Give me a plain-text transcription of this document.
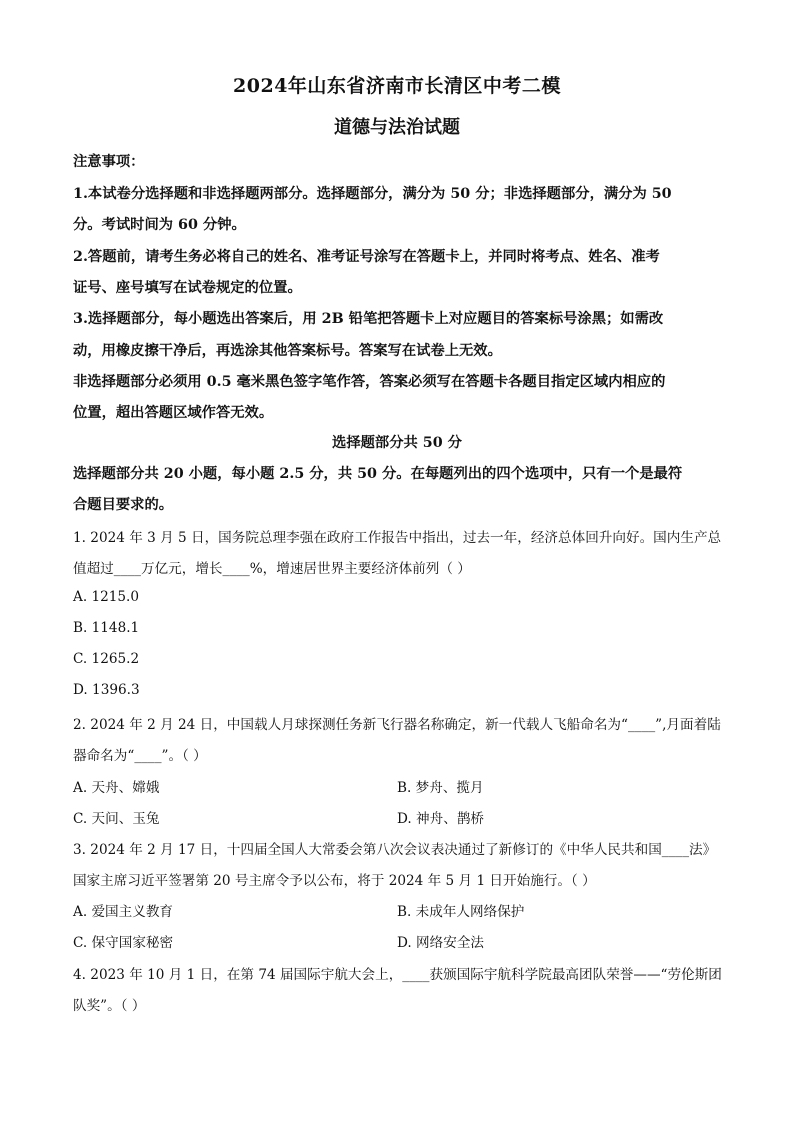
2024年山东省济南市长清区中考二模
道德与法治试题
注意事项：
1.本试卷分选择题和非选择题两部分。选择题部分，满分为 50 分；非选择题部分，满分为 50
分。考试时间为 60 分钟。
2.答题前，请考生务必将自己的姓名、准考证号涂写在答题卡上，并同时将考点、姓名、准考
证号、座号填写在试卷规定的位置。
3.选择题部分，每小题选出答案后，用 2B 铅笔把答题卡上对应题目的答案标号涂黑；如需改
动，用橡皮擦干净后，再选涂其他答案标号。答案写在试卷上无效。
非选择题部分必须用 0.5 毫米黑色签字笔作答，答案必须写在答题卡各题目指定区域内相应的
位置，超出答题区域作答无效。
选择题部分共 50 分
选择题部分共 20 小题，每小题 2.5 分，共 50 分。在每题列出的四个选项中，只有一个是最符
合题目要求的。
1. 2024 年 3 月 5 日，国务院总理李强在政府工作报告中指出，过去一年，经济总体回升向好。国内生产总
值超过____万亿元，增长____%，增速居世界主要经济体前列（ ）
A. 1215.0
B. 1148.1
C. 1265.2
D. 1396.3
2. 2024 年 2 月 24 日，中国载人月球探测任务新飞行器名称确定，新一代载人飞船命名为“____”,月面着陆
器命名为“____”。（ ）
A. 天舟、嫦娥	B. 梦舟、揽月
C. 天问、玉兔	D. 神舟、鹊桥
3. 2024 年 2 月 17 日，十四届全国人大常委会第八次会议表决通过了新修订的《中华人民共和国____法》
国家主席习近平签署第 20 号主席令予以公布，将于 2024 年 5 月 1 日开始施行。（ ）
A. 爱国主义教育	B. 未成年人网络保护
C. 保守国家秘密	D. 网络安全法
4. 2023 年 10 月 1 日，在第 74 届国际宇航大会上，____获颁国际宇航科学院最高团队荣誉——“劳伦斯团
队奖”。（ ）
